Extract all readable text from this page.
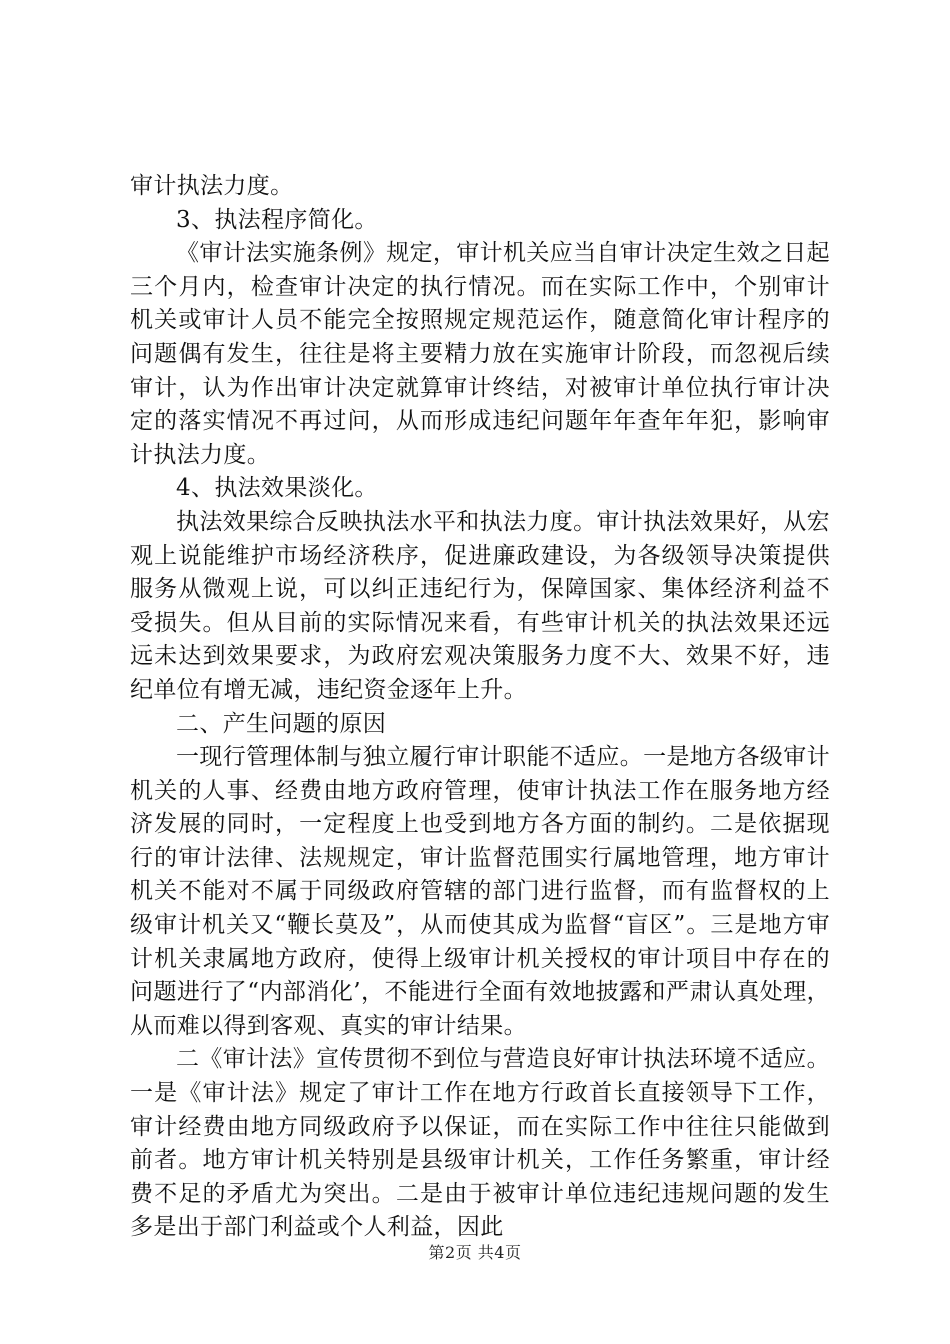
审计执法力度。

3、执法程序简化。

《审计法实施条例》规定，审计机关应当自审计决定生效之日起三个月内，检查审计决定的执行情况。而在实际工作中，个别审计机关或审计人员不能完全按照规定规范运作，随意简化审计程序的问题偶有发生，往往是将主要精力放在实施审计阶段，而忽视后续审计，认为作出审计决定就算审计终结，对被审计单位执行审计决定的落实情况不再过问，从而形成违纪问题年年查年年犯，影响审计执法力度。

4、执法效果淡化。

执法效果综合反映执法水平和执法力度。审计执法效果好，从宏观上说能维护市场经济秩序，促进廉政建设，为各级领导决策提供服务从微观上说，可以纠正违纪行为，保障国家、集体经济利益不受损失。但从目前的实际情况来看，有些审计机关的执法效果还远远未达到效果要求，为政府宏观决策服务力度不大、效果不好，违纪单位有增无减，违纪资金逐年上升。

二、产生问题的原因

一现行管理体制与独立履行审计职能不适应。一是地方各级审计机关的人事、经费由地方政府管理，使审计执法工作在服务地方经济发展的同时，一定程度上也受到地方各方面的制约。二是依据现行的审计法律、法规规定，审计监督范围实行属地管理，地方审计机关不能对不属于同级政府管辖的部门进行监督，而有监督权的上级审计机关又“鞭长莫及”，从而使其成为监督“盲区”。三是地方审计机关隶属地方政府，使得上级审计机关授权的审计项目中存在的问题进行了“内部消化’，不能进行全面有效地披露和严肃认真处理，从而难以得到客观、真实的审计结果。

二《审计法》宣传贯彻不到位与营造良好审计执法环境不适应。一是《审计法》规定了审计工作在地方行政首长直接领导下工作，审计经费由地方同级政府予以保证，而在实际工作中往往只能做到前者。地方审计机关特别是县级审计机关，工作任务繁重，审计经费不足的矛盾尤为突出。二是由于被审计单位违纪违规问题的发生多是出于部门利益或个人利益，因此

第2页 共4页
